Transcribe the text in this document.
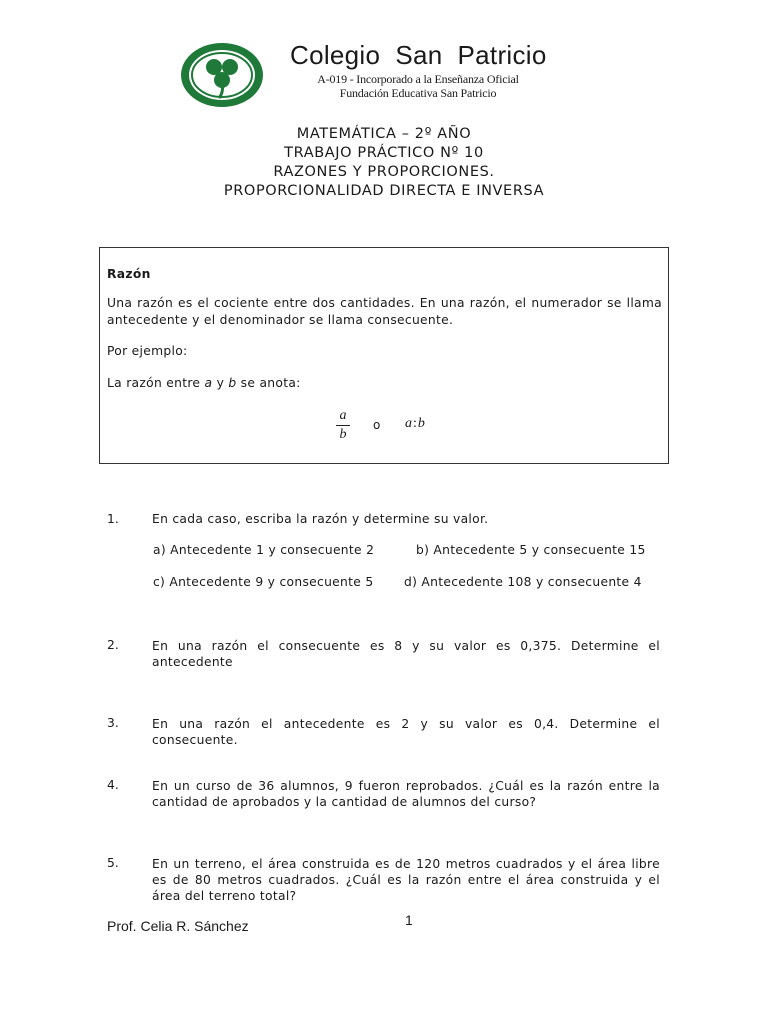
Colegio  San  Patricio
A-019 - Incorporado a la Enseñanza Oficial
Fundación Educativa San Patricio
MATEMÁTICA – 2º AÑO
TRABAJO PRÁCTICO Nº 10
RAZONES Y PROPORCIONES.
PROPORCIONALIDAD DIRECTA E INVERSA

Razón

Una razón es el cociente entre dos cantidades. En una razón, el numerador se llama antecedente y el denominador se llama consecuente.

Por ejemplo:

La razón entre a y b se anota:

a
b
o a:b
1.	En cada caso, escriba la razón y determine su valor.

a) Antecedente 1 y consecuente 2	b) Antecedente 5 y consecuente 15
c) Antecedente 9 y consecuente 5 d) Antecedente 108 y consecuente 4
2.	En una razón el consecuente es 8 y su valor es 0,375. Determine el antecedente

3.	En una razón el antecedente es 2 y su valor es 0,4. Determine el consecuente.

4.	En un curso de 36 alumnos, 9 fueron reprobados. ¿Cuál es la razón entre la cantidad de aprobados y la cantidad de alumnos del curso?

5.	En un terreno, el área construida es de 120 metros cuadrados y el área libre es de 80 metros cuadrados. ¿Cuál es la razón entre el área construida y el área del terreno total?

Prof. Celia R. Sánchez	1
